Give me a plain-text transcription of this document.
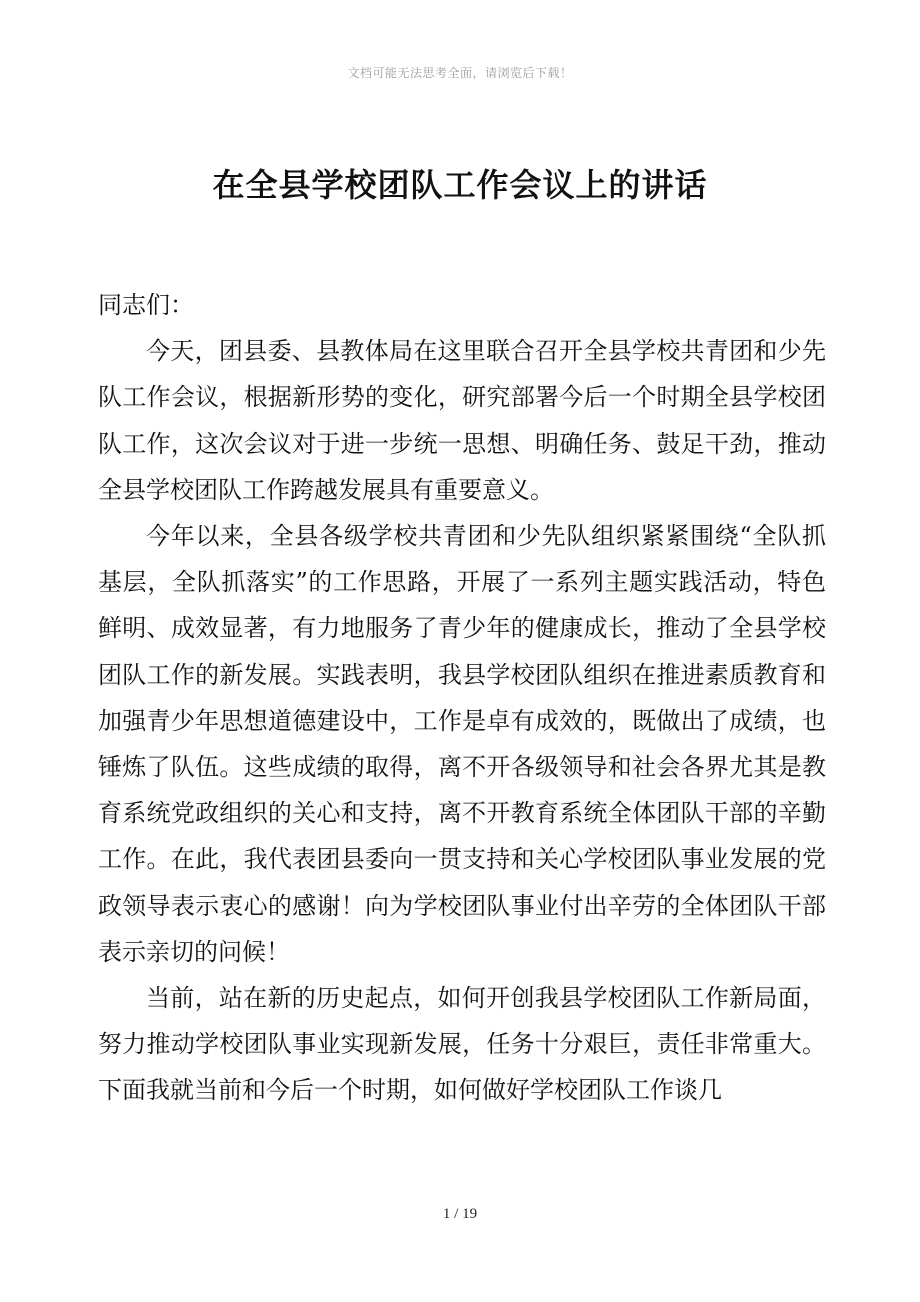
文档可能无法思考全面，请浏览后下载！
在全县学校团队工作会议上的讲话

同志们：

今天，团县委、县教体局在这里联合召开全县学校共青团和少先队工作会议，根据新形势的变化，研究部署今后一个时期全县学校团队工作，这次会议对于进一步统一思想、明确任务、鼓足干劲，推动全县学校团队工作跨越发展具有重要意义。

今年以来，全县各级学校共青团和少先队组织紧紧围绕“全队抓基层，全队抓落实”的工作思路，开展了一系列主题实践活动，特色鲜明、成效显著，有力地服务了青少年的健康成长，推动了全县学校团队工作的新发展。实践表明，我县学校团队组织在推进素质教育和加强青少年思想道德建设中，工作是卓有成效的，既做出了成绩，也锤炼了队伍。这些成绩的取得，离不开各级领导和社会各界尤其是教育系统党政组织的关心和支持，离不开教育系统全体团队干部的辛勤工作。在此，我代表团县委向一贯支持和关心学校团队事业发展的党政领导表示衷心的感谢！向为学校团队事业付出辛劳的全体团队干部表示亲切的问候！

当前，站在新的历史起点，如何开创我县学校团队工作新局面，努力推动学校团队事业实现新发展，任务十分艰巨，责任非常重大。下面我就当前和今后一个时期，如何做好学校团队工作谈几

1 / 19
